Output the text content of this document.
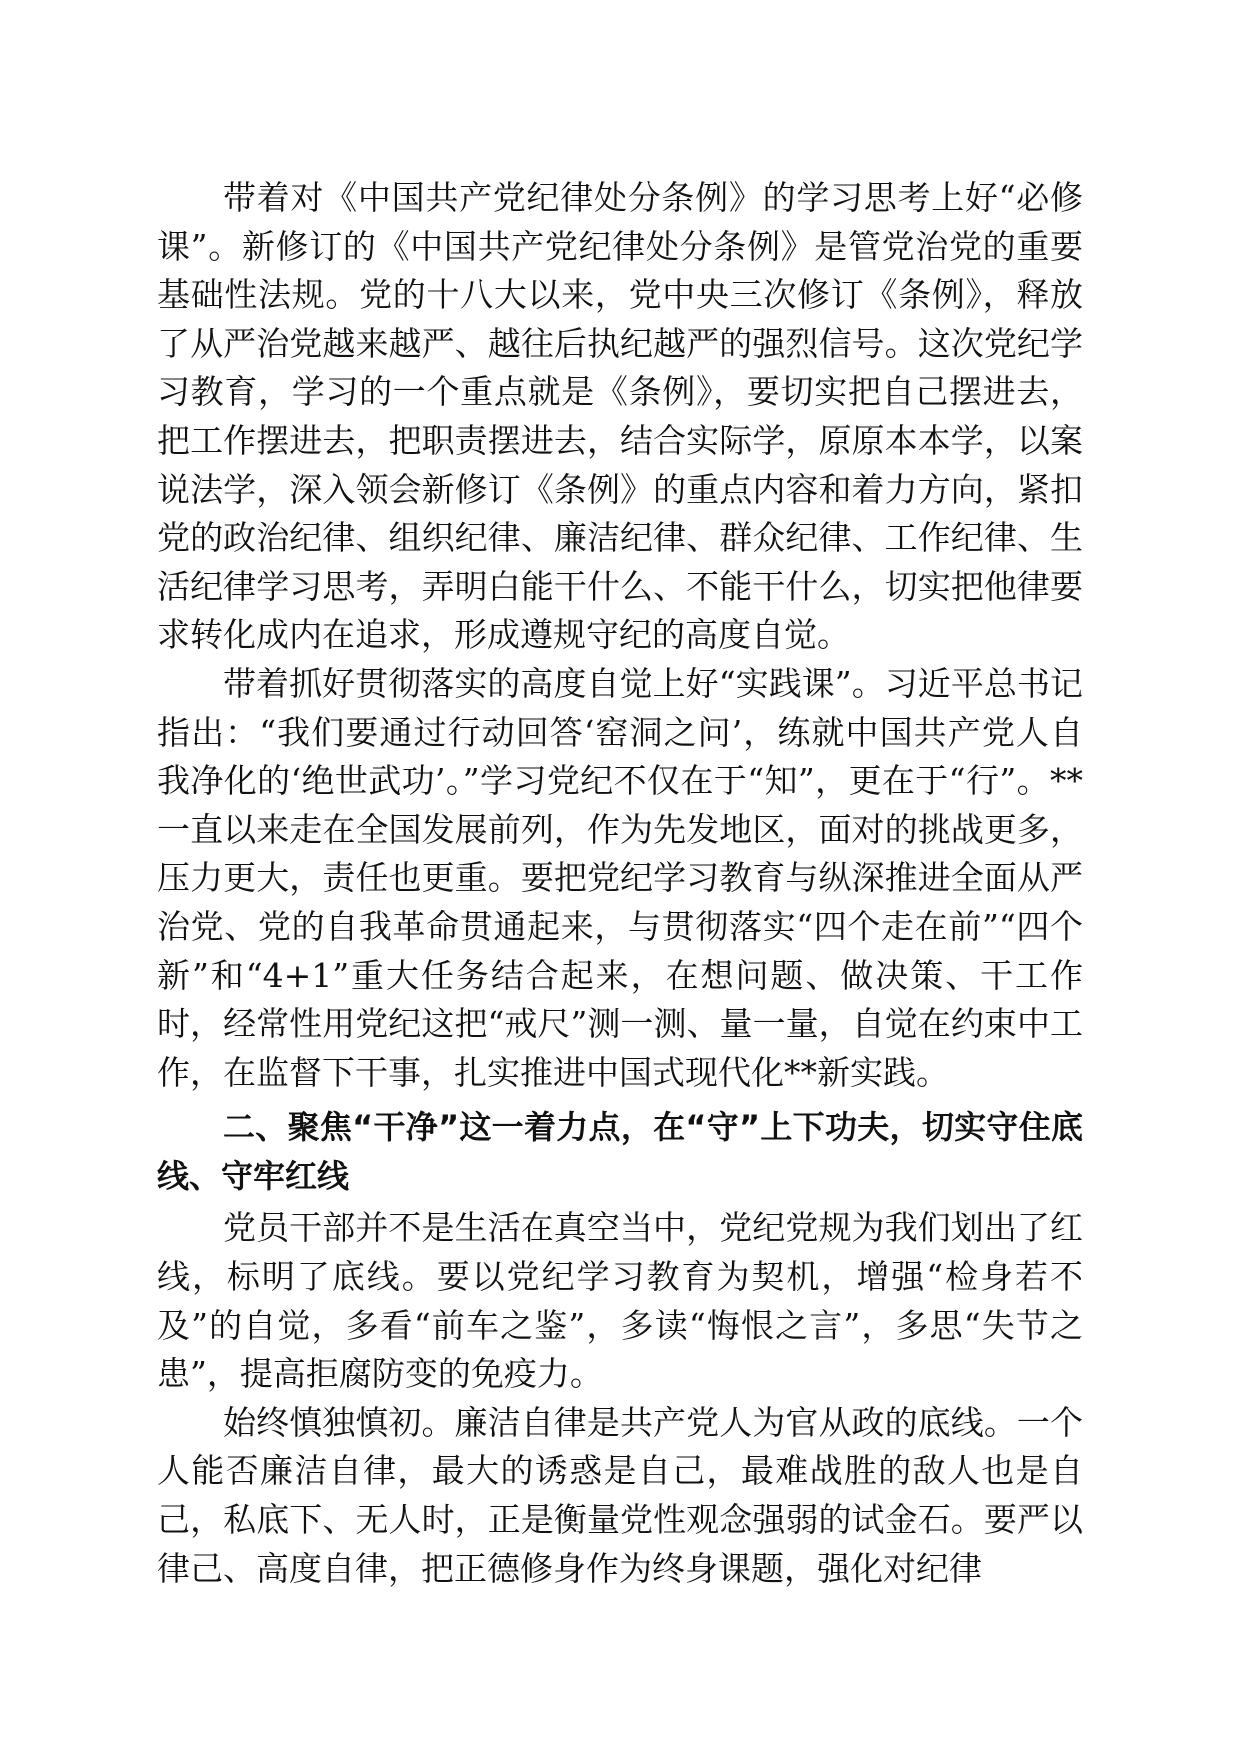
带着对《中国共产党纪律处分条例》的学习思考上好“必修课”。新修订的《中国共产党纪律处分条例》是管党治党的重要基础性法规。党的十八大以来，党中央三次修订《条例》，释放了从严治党越来越严、越往后执纪越严的强烈信号。这次党纪学习教育，学习的一个重点就是《条例》，要切实把自己摆进去，把工作摆进去，把职责摆进去，结合实际学，原原本本学，以案说法学，深入领会新修订《条例》的重点内容和着力方向，紧扣党的政治纪律、组织纪律、廉洁纪律、群众纪律、工作纪律、生活纪律学习思考，弄明白能干什么、不能干什么，切实把他律要求转化成内在追求，形成遵规守纪的高度自觉。

带着抓好贯彻落实的高度自觉上好“实践课”。习近平总书记指出：“我们要通过行动回答‘窑洞之问’，练就中国共产党人自我净化的‘绝世武功’。”学习党纪不仅在于“知”，更在于“行”。**一直以来走在全国发展前列，作为先发地区，面对的挑战更多，压力更大，责任也更重。要把党纪学习教育与纵深推进全面从严治党、党的自我革命贯通起来，与贯彻落实“四个走在前”“四个新”和“4+1”重大任务结合起来，在想问题、做决策、干工作时，经常性用党纪这把“戒尺”测一测、量一量，自觉在约束中工作，在监督下干事，扎实推进中国式现代化**新实践。

二、聚焦“干净”这一着力点，在“守”上下功夫，切实守住底线、守牢红线

党员干部并不是生活在真空当中，党纪党规为我们划出了红线，标明了底线。要以党纪学习教育为契机，增强“检身若不及”的自觉，多看“前车之鉴”，多读“悔恨之言”，多思“失节之患”，提高拒腐防变的免疫力。

始终慎独慎初。廉洁自律是共产党人为官从政的底线。一个人能否廉洁自律，最大的诱惑是自己，最难战胜的敌人也是自己，私底下、无人时，正是衡量党性观念强弱的试金石。要严以律己、高度自律，把正德修身作为终身课题，强化对纪律
